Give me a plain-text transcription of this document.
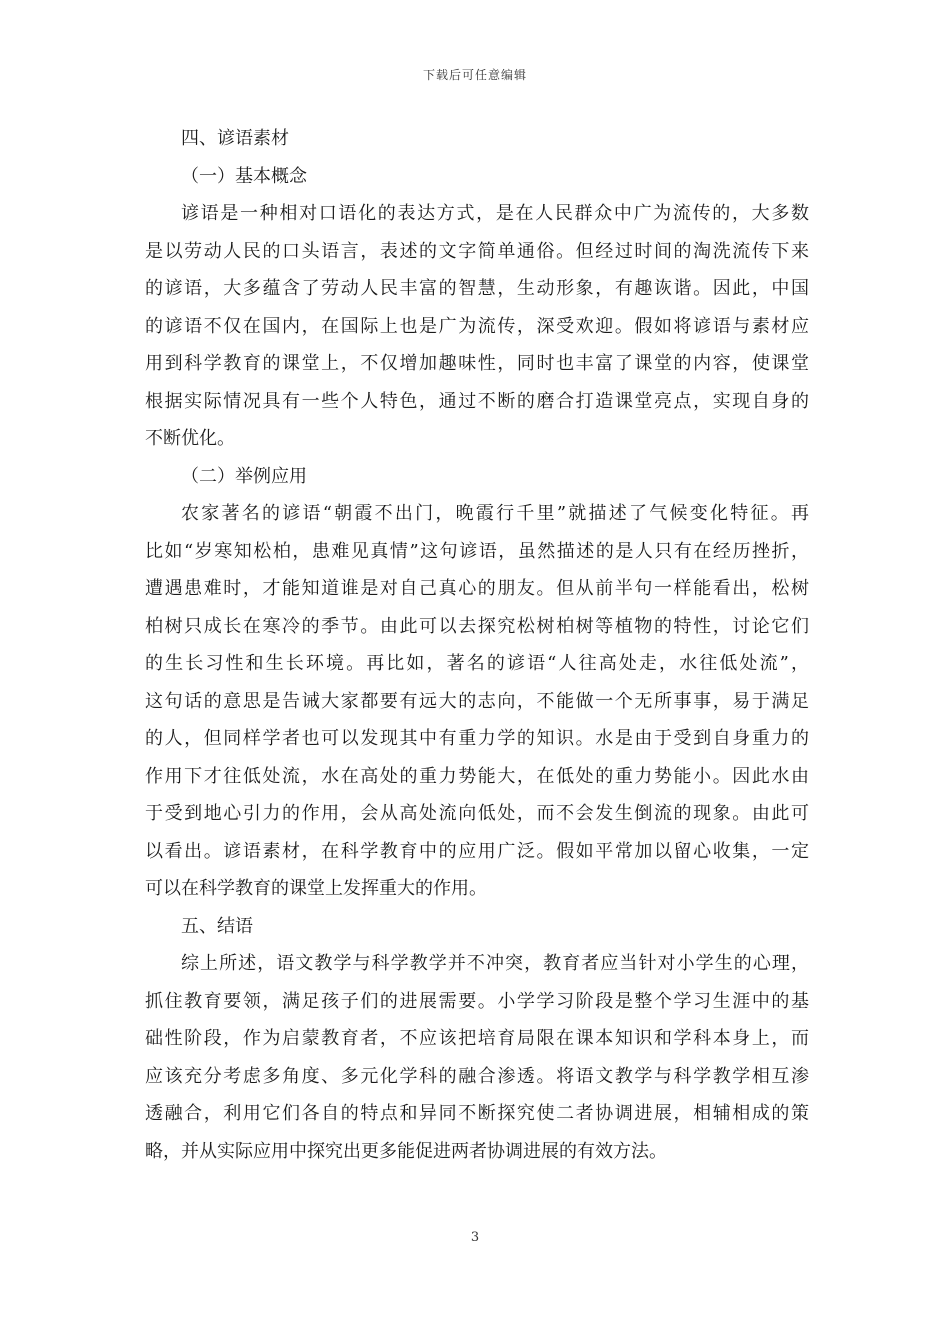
下载后可任意编辑
四、谚语素材
（一）基本概念
谚语是一种相对口语化的表达方式，是在人民群众中广为流传的，大多数
是以劳动人民的口头语言，表述的文字简单通俗。但经过时间的淘洗流传下来
的谚语，大多蕴含了劳动人民丰富的智慧，生动形象，有趣诙谐。因此，中国
的谚语不仅在国内，在国际上也是广为流传，深受欢迎。假如将谚语与素材应
用到科学教育的课堂上，不仅增加趣味性，同时也丰富了课堂的内容，使课堂
根据实际情况具有一些个人特色，通过不断的磨合打造课堂亮点，实现自身的
不断优化。
（二）举例应用
农家著名的谚语“朝霞不出门，晚霞行千里”就描述了气候变化特征。再
比如“岁寒知松柏，患难见真情”这句谚语，虽然描述的是人只有在经历挫折，
遭遇患难时，才能知道谁是对自己真心的朋友。但从前半句一样能看出，松树
柏树只成长在寒冷的季节。由此可以去探究松树柏树等植物的特性，讨论它们
的生长习性和生长环境。再比如，著名的谚语“人往高处走，水往低处流”，
这句话的意思是告诫大家都要有远大的志向，不能做一个无所事事，易于满足
的人，但同样学者也可以发现其中有重力学的知识。水是由于受到自身重力的
作用下才往低处流，水在高处的重力势能大，在低处的重力势能小。因此水由
于受到地心引力的作用，会从高处流向低处，而不会发生倒流的现象。由此可
以看出。谚语素材，在科学教育中的应用广泛。假如平常加以留心收集，一定
可以在科学教育的课堂上发挥重大的作用。
五、结语
综上所述，语文教学与科学教学并不冲突，教育者应当针对小学生的心理，
抓住教育要领，满足孩子们的进展需要。小学学习阶段是整个学习生涯中的基
础性阶段，作为启蒙教育者，不应该把培育局限在课本知识和学科本身上，而
应该充分考虑多角度、多元化学科的融合渗透。将语文教学与科学教学相互渗
透融合，利用它们各自的特点和异同不断探究使二者协调进展，相辅相成的策
略，并从实际应用中探究出更多能促进两者协调进展的有效方法。
3
